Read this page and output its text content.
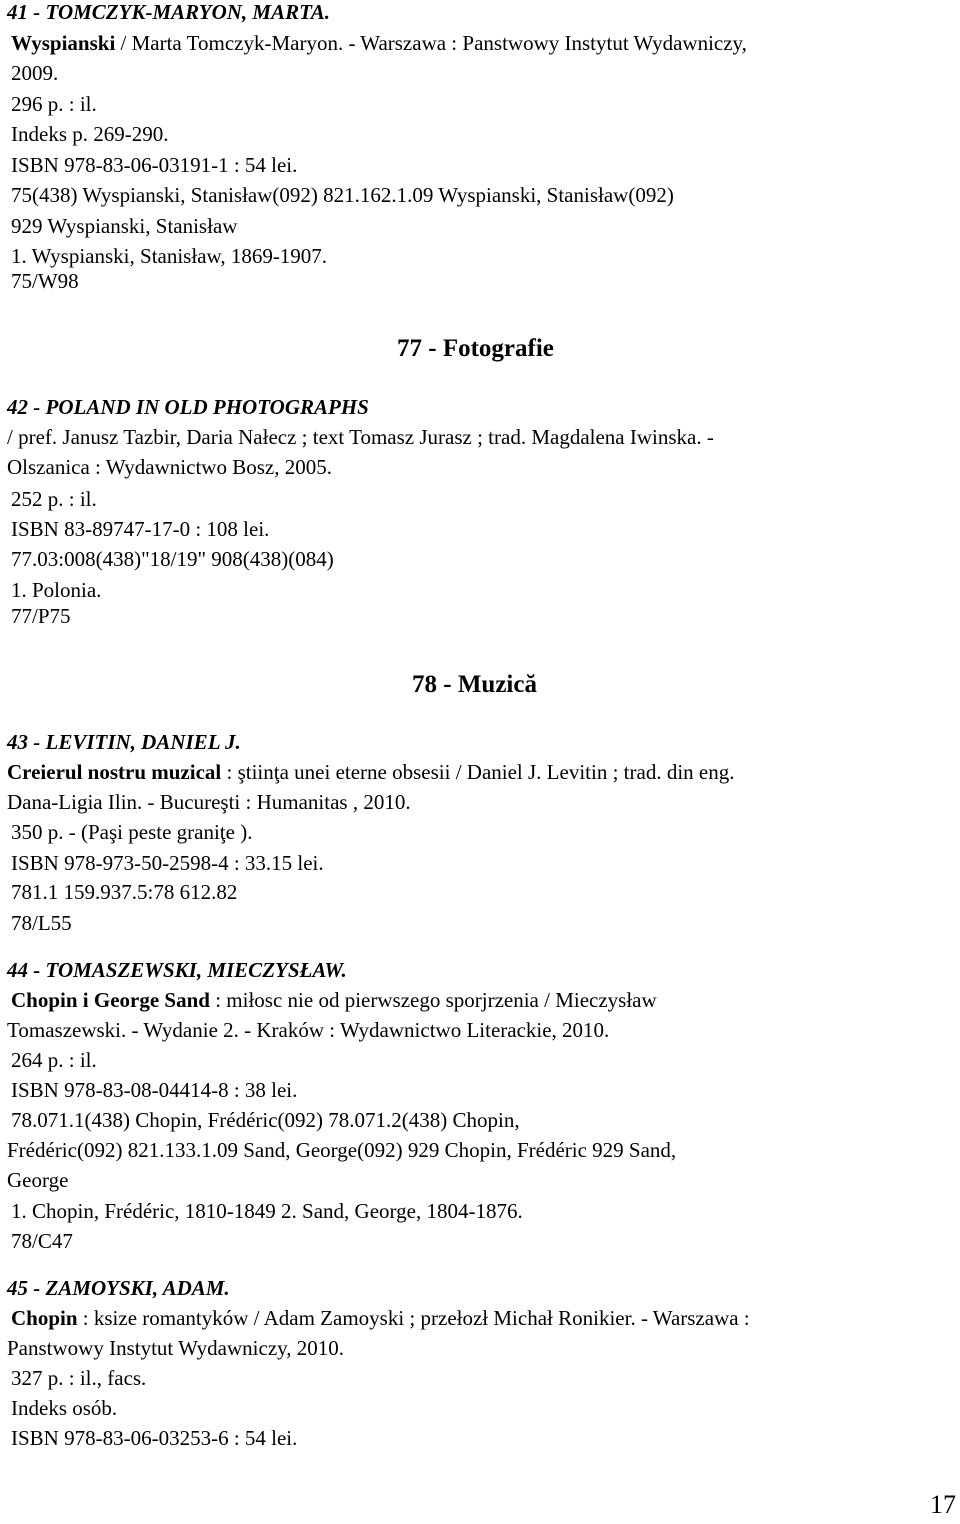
41 - TOMCZYK-MARYON, MARTA.
Wyspianski / Marta Tomczyk-Maryon. - Warszawa : Panstwowy Instytut Wydawniczy,
2009.
296 p. : il.
Indeks p. 269-290.
ISBN 978-83-06-03191-1 : 54 lei.
75(438) Wyspianski, Stanisław(092) 821.162.1.09 Wyspianski, Stanisław(092)
929 Wyspianski, Stanisław
1. Wyspianski, Stanisław, 1869-1907.
75/W98
77 - Fotografie
42 - POLAND IN OLD PHOTOGRAPHS
/ pref. Janusz Tazbir, Daria Nałecz ; text Tomasz Jurasz ; trad. Magdalena Iwinska. -
Olszanica : Wydawnictwo Bosz, 2005.
252 p. : il.
ISBN 83-89747-17-0 : 108 lei.
77.03:008(438)"18/19" 908(438)(084)
1. Polonia.
77/P75
78 - Muzică
43 - LEVITIN, DANIEL J.
Creierul nostru muzical : ştiinţa unei eterne obsesii / Daniel J. Levitin ; trad. din eng.
Dana-Ligia Ilin. - Bucureşti : Humanitas , 2010.
350 p. - (Paşi peste graniţe ).
ISBN 978-973-50-2598-4 : 33.15 lei.
781.1 159.937.5:78 612.82
78/L55
44 - TOMASZEWSKI, MIECZYSŁAW.
Chopin i George Sand : miłosc nie od pierwszego sporjrzenia / Mieczysław
Tomaszewski. - Wydanie 2. - Kraków : Wydawnictwo Literackie, 2010.
264 p. : il.
ISBN 978-83-08-04414-8 : 38 lei.
78.071.1(438) Chopin, Frédéric(092) 78.071.2(438) Chopin,
Frédéric(092) 821.133.1.09 Sand, George(092) 929 Chopin, Frédéric 929 Sand,
George
1. Chopin, Frédéric, 1810-1849 2. Sand, George, 1804-1876.
78/C47
45 - ZAMOYSKI, ADAM.
Chopin : ksize romantyków / Adam Zamoyski ; przełozł Michał Ronikier. - Warszawa :
Panstwowy Instytut Wydawniczy, 2010.
327 p. : il., facs.
Indeks osób.
ISBN 978-83-06-03253-6 : 54 lei.
17
